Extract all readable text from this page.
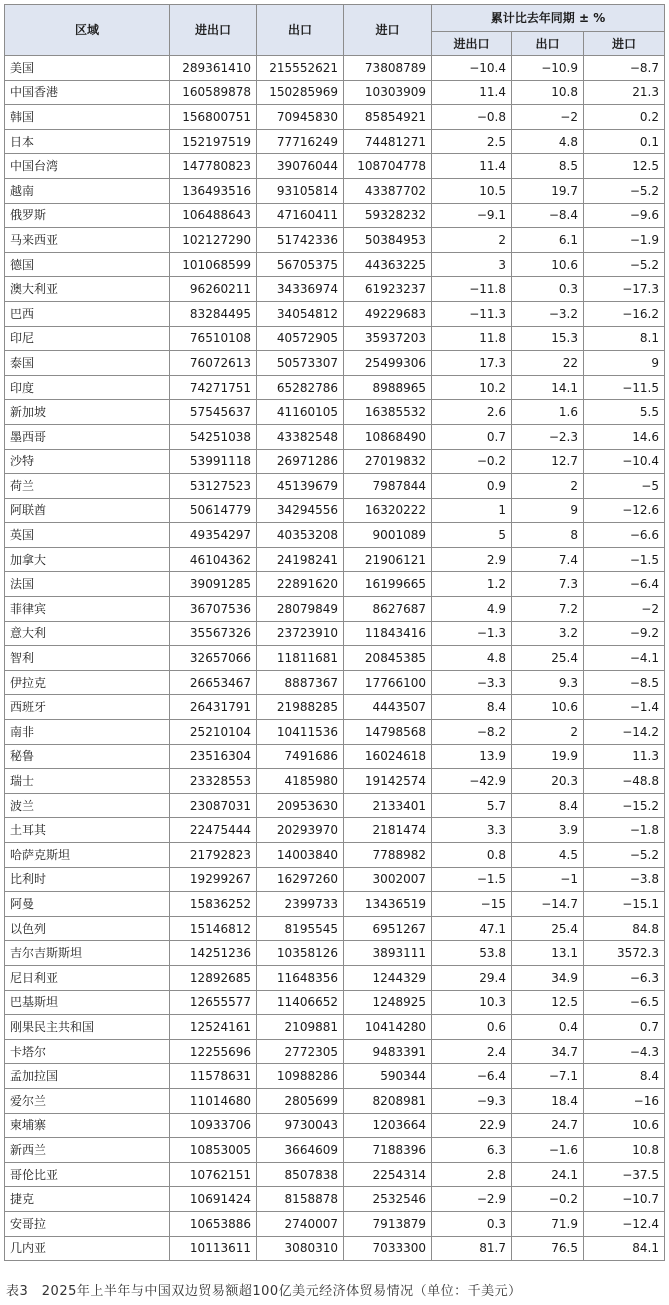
区域	进出口	出口	进口	累计比去年同期 ± %		
				进出口	出口	进口
美国	289361410	215552621	73808789	−10.4	−10.9	−8.7
中国香港	160589878	150285969	10303909	11.4	10.8	21.3
韩国	156800751	70945830	85854921	−0.8	−2	0.2
日本	152197519	77716249	74481271	2.5	4.8	0.1
中国台湾	147780823	39076044	108704778	11.4	8.5	12.5
越南	136493516	93105814	43387702	10.5	19.7	−5.2
俄罗斯	106488643	47160411	59328232	−9.1	−8.4	−9.6
马来西亚	102127290	51742336	50384953	2	6.1	−1.9
德国	101068599	56705375	44363225	3	10.6	−5.2
澳大利亚	96260211	34336974	61923237	−11.8	0.3	−17.3
巴西	83284495	34054812	49229683	−11.3	−3.2	−16.2
印尼	76510108	40572905	35937203	11.8	15.3	8.1
泰国	76072613	50573307	25499306	17.3	22	9
印度	74271751	65282786	8988965	10.2	14.1	−11.5
新加坡	57545637	41160105	16385532	2.6	1.6	5.5
墨西哥	54251038	43382548	10868490	0.7	−2.3	14.6
沙特	53991118	26971286	27019832	−0.2	12.7	−10.4
荷兰	53127523	45139679	7987844	0.9	2	−5
阿联酋	50614779	34294556	16320222	1	9	−12.6
英国	49354297	40353208	9001089	5	8	−6.6
加拿大	46104362	24198241	21906121	2.9	7.4	−1.5
法国	39091285	22891620	16199665	1.2	7.3	−6.4
菲律宾	36707536	28079849	8627687	4.9	7.2	−2
意大利	35567326	23723910	11843416	−1.3	3.2	−9.2
智利	32657066	11811681	20845385	4.8	25.4	−4.1
伊拉克	26653467	8887367	17766100	−3.3	9.3	−8.5
西班牙	26431791	21988285	4443507	8.4	10.6	−1.4
南非	25210104	10411536	14798568	−8.2	2	−14.2
秘鲁	23516304	7491686	16024618	13.9	19.9	11.3
瑞士	23328553	4185980	19142574	−42.9	20.3	−48.8
波兰	23087031	20953630	2133401	5.7	8.4	−15.2
土耳其	22475444	20293970	2181474	3.3	3.9	−1.8
哈萨克斯坦	21792823	14003840	7788982	0.8	4.5	−5.2
比利时	19299267	16297260	3002007	−1.5	−1	−3.8
阿曼	15836252	2399733	13436519	−15	−14.7	−15.1
以色列	15146812	8195545	6951267	47.1	25.4	84.8
吉尔吉斯斯坦	14251236	10358126	3893111	53.8	13.1	3572.3
尼日利亚	12892685	11648356	1244329	29.4	34.9	−6.3
巴基斯坦	12655577	11406652	1248925	10.3	12.5	−6.5
刚果民主共和国	12524161	2109881	10414280	0.6	0.4	0.7
卡塔尔	12255696	2772305	9483391	2.4	34.7	−4.3
孟加拉国	11578631	10988286	590344	−6.4	−7.1	8.4
爱尔兰	11014680	2805699	8208981	−9.3	18.4	−16
柬埔寨	10933706	9730043	1203664	22.9	24.7	10.6
新西兰	10853005	3664609	7188396	6.3	−1.6	10.8
哥伦比亚	10762151	8507838	2254314	2.8	24.1	−37.5
捷克	10691424	8158878	2532546	−2.9	−0.2	−10.7
安哥拉	10653886	2740007	7913879	0.3	71.9	−12.4
几内亚	10113611	3080310	7033300	81.7	76.5	84.1
表3　2025年上半年与中国双边贸易额超100亿美元经济体贸易情况（单位：千美元）
